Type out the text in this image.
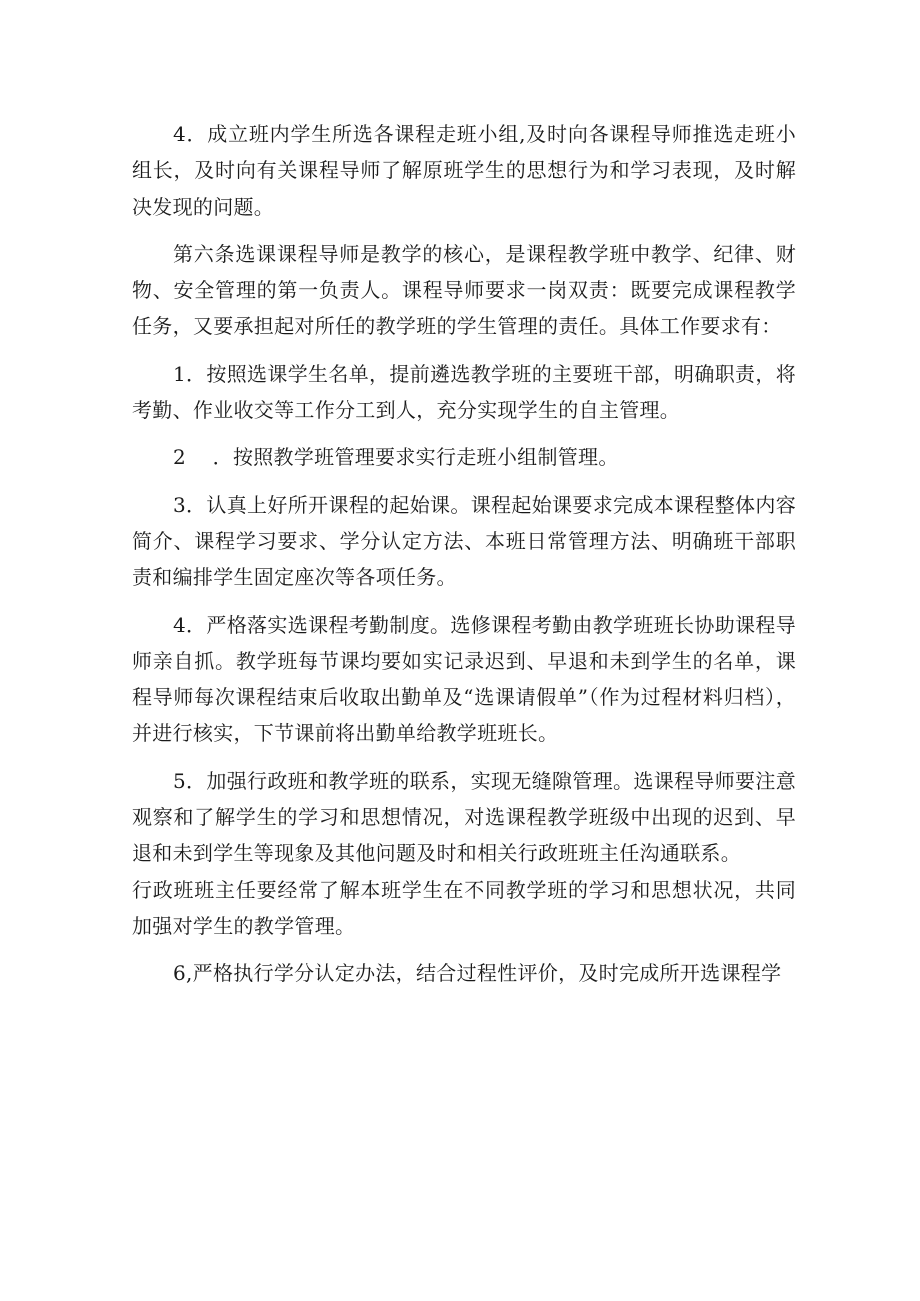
4．成立班内学生所选各课程走班小组,及时向各课程导师推选走班小组长，及时向有关课程导师了解原班学生的思想行为和学习表现，及时解决发现的问题。

第六条选课课程导师是教学的核心，是课程教学班中教学、纪律、财物、安全管理的第一负责人。课程导师要求一岗双责：既要完成课程教学任务，又要承担起对所任的教学班的学生管理的责任。具体工作要求有：

1．按照选课学生名单，提前遴选教学班的主要班干部，明确职责，将考勤、作业收交等工作分工到人，充分实现学生的自主管理。

2    ．按照教学班管理要求实行走班小组制管理。

3．认真上好所开课程的起始课。课程起始课要求完成本课程整体内容简介、课程学习要求、学分认定方法、本班日常管理方法、明确班干部职责和编排学生固定座次等各项任务。

4．严格落实选课程考勤制度。选修课程考勤由教学班班长协助课程导师亲自抓。教学班每节课均要如实记录迟到、早退和未到学生的名单，课程导师每次课程结束后收取出勤单及“选课请假单”（作为过程材料归档），并进行核实，下节课前将出勤单给教学班班长。

5．加强行政班和教学班的联系，实现无缝隙管理。选课程导师要注意观察和了解学生的学习和思想情况，对选课程教学班级中出现的迟到、早退和未到学生等现象及其他问题及时和相关行政班班主任沟通联系。

行政班班主任要经常了解本班学生在不同教学班的学习和思想状况，共同加强对学生的教学管理。

6,严格执行学分认定办法，结合过程性评价，及时完成所开选课程学
